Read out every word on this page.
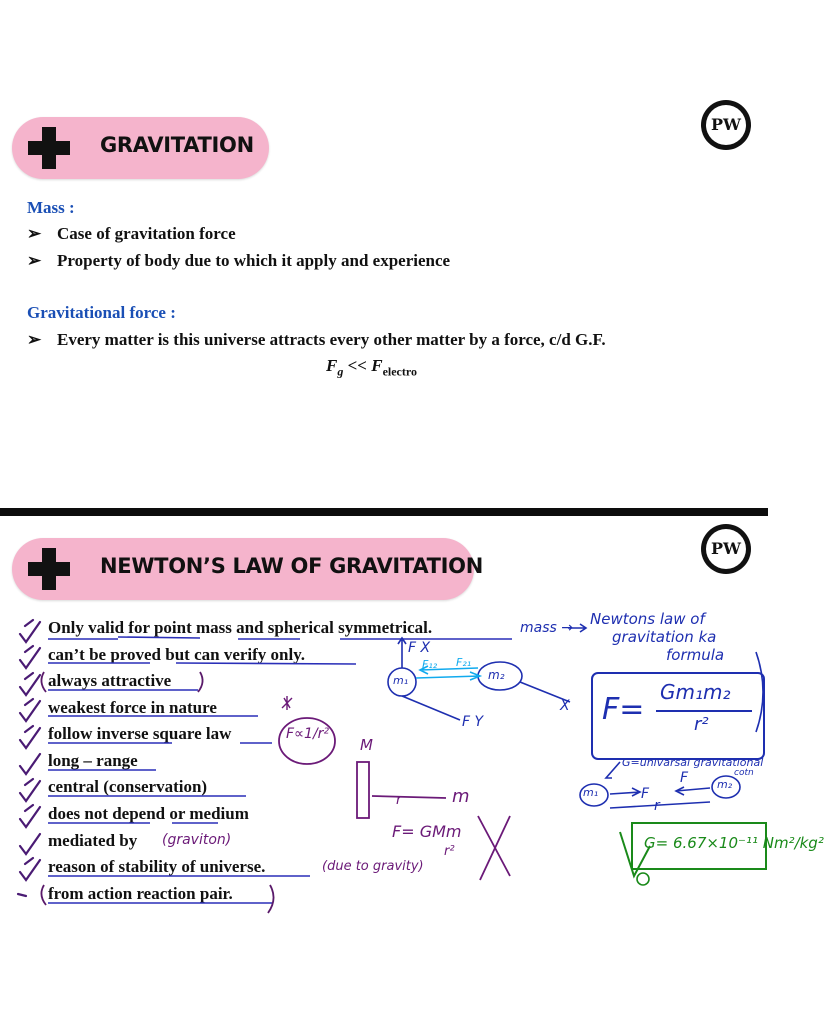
GRAVITATION
PW
Mass :
➢ Case of gravitation force
➢ Property of body due to which it apply and experience
Gravitational force :
➢ Every matter is this universe attracts every other matter by a force, c/d G.F.
$F_g << F_{electro}$
NEWTON’S LAW OF GRAVITATION
PW
Only valid for point mass and spherical symmetrical.
can’t be proved but can verify only.
always attractive
weakest force in nature
follow inverse square law
long – range
central (conservation)
does not depend or medium
mediated by
reason of stability of universe.
from action reaction pair.
mass → Newtons law of
gravitation ka
formula
F= Gm₁m₂
r²
G=univarsal gravitational
cotn
m₁
m₂
F
F
r
G= 6.67×10⁻¹¹ Nm²/kg²
m₁	m₂
F₁₂ F₂₁
F X
F Y
X
F∝1/r²
M
r	m
F= GMm
r²
(graviton)
(due to gravity)
